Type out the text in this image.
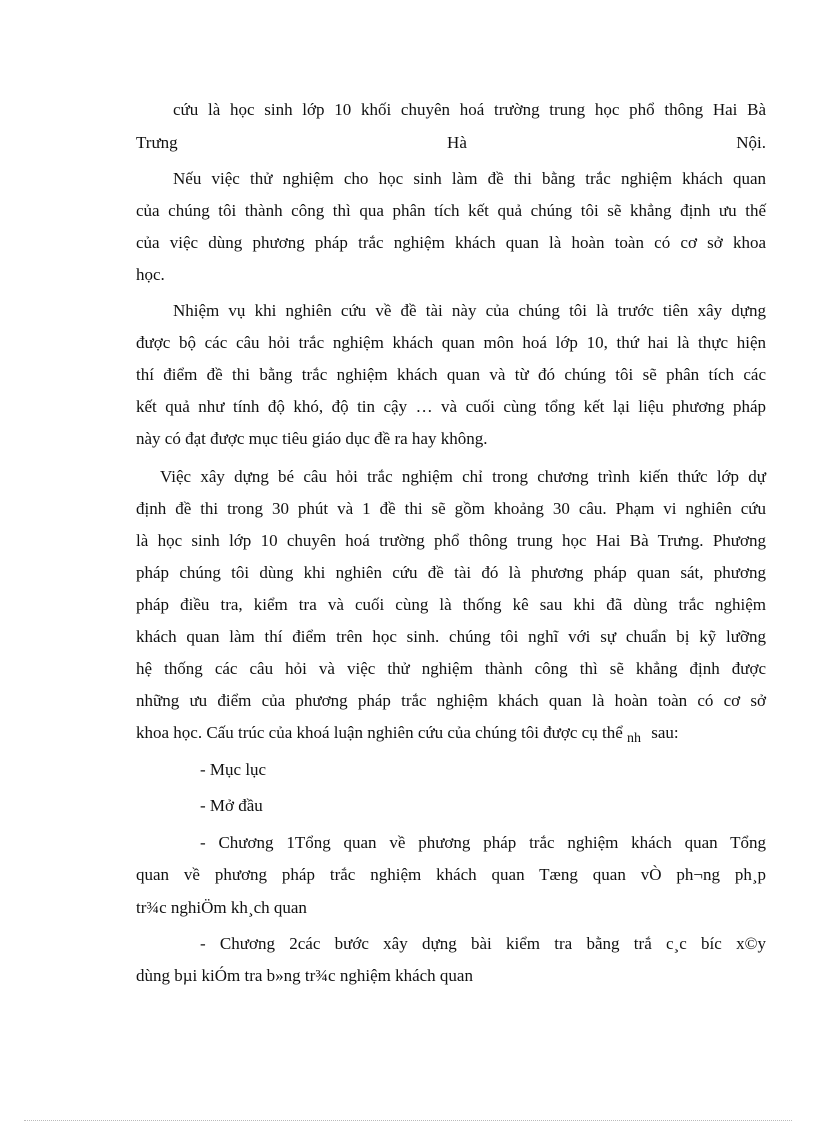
cứu là học sinh lớp 10 khối chuyên hoá trường trung học phổ thông Hai Bà
Trưng Hà Nội.
Nếu việc thử nghiệm cho học sinh làm đề thi bằng trắc nghiệm khách quan
của chúng tôi thành công thì qua phân tích kết quả chúng tôi sẽ khẳng định ưu thế
của việc dùng phương pháp trắc nghiệm khách quan là hoàn toàn có cơ sở khoa
học.
Nhiệm vụ khi nghiên cứu về đề tài này của chúng tôi là trước tiên xây dựng
được bộ các câu hỏi trắc nghiệm khách quan môn hoá lớp 10, thứ hai là thực hiện
thí điểm đề thi bằng trắc nghiệm khách quan và từ đó chúng tôi sẽ phân tích các
kết quả như tính độ khó, độ tin cậy … và cuối cùng tổng kết lại liệu phương pháp
này có đạt được mục tiêu giáo dục đề ra hay không.
Việc xây dựng bé câu hỏi trắc nghiệm chỉ trong chương trình kiến thức lớp dự
định đề thi trong 30 phút và 1 đề thi sẽ gồm khoảng 30 câu. Phạm vi nghiên cứu
là học sinh lớp 10 chuyên hoá trường phổ thông trung học Hai Bà Trưng. Phương
pháp chúng tôi dùng khi nghiên cứu đề tài đó là phương pháp quan sát, phương
pháp điều tra, kiểm tra và cuối cùng là thống kê sau khi đã dùng trắc nghiệm
khách quan làm thí điểm trên học sinh. chúng tôi nghĩ với sự chuẩn bị kỹ lưỡng
hệ thống các câu hỏi và việc thử nghiệm thành công thì sẽ khẳng định được
những ưu điểm của phương pháp trắc nghiệm khách quan là hoàn toàn có cơ sở
khoa học. Cấu trúc của khoá luận nghiên cứu của chúng tôi được cụ thể $_{nh}$ sau:
- Mục lục
- Mở đầu
- Chương 1Tổng quan về phương pháp trắc nghiệm khách quan Tổng
quan về phương pháp trắc nghiệm khách quan Tæng quan vÒ ph¬ng ph¸p
tr¾c nghiÖm kh¸ch quan
- Chương 2các bước xây dựng bài kiểm tra bằng trắ c¸c bíc x©y
dùng bµi kiÓm tra b»ng tr¾c nghiệm khách quan
